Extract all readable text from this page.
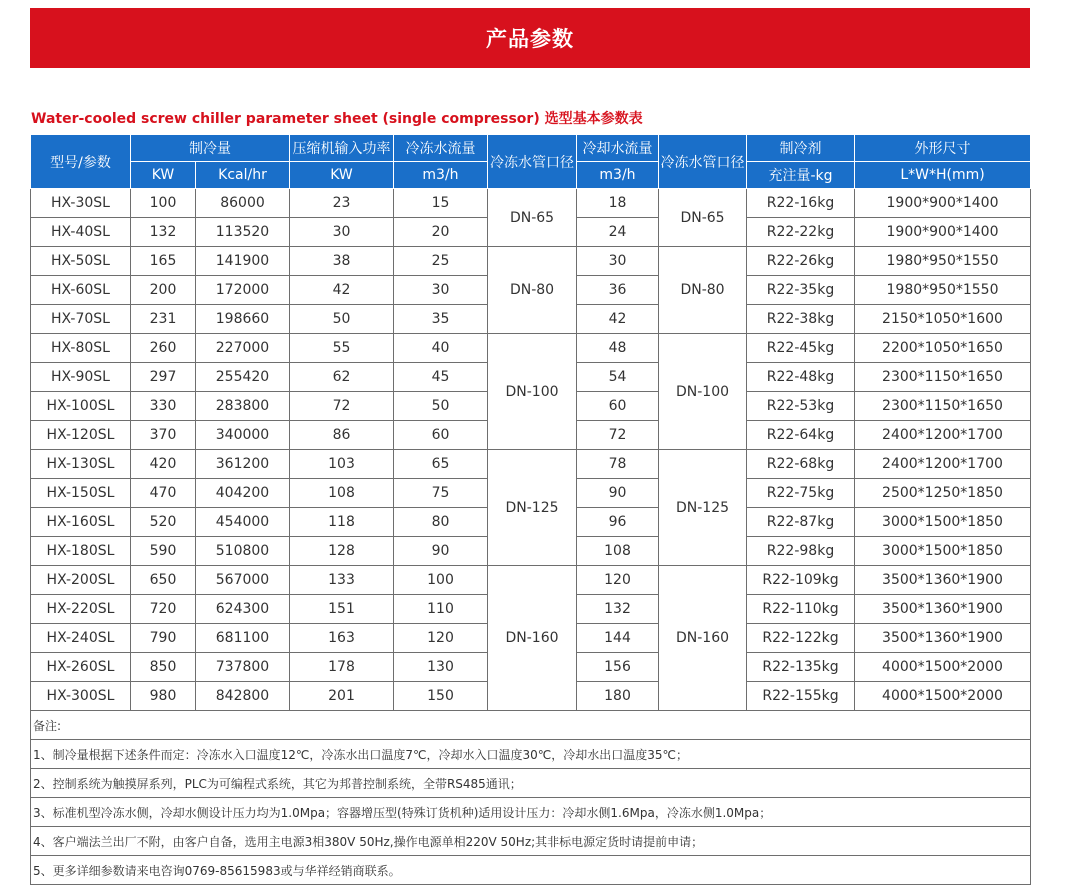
产品参数
Water-cooled screw chiller parameter sheet (single compressor) 选型基本参数表
型号/参数	制冷量		压缩机输入功率	冷冻水流量	冷冻水管口径	冷却水流量	冷冻水管口径	制冷剂	外形尺寸
	KW	Kcal/hr	KW	m3/h		m3/h		充注量-kg	L*W*H(mm)
HX-30SL	100	86000	23	15	DN-65	18	DN-65	R22-16kg	1900*900*1400
HX-40SL	132	113520	30	20		24		R22-22kg	1900*900*1400
HX-50SL	165	141900	38	25	DN-80	30	DN-80	R22-26kg	1980*950*1550
HX-60SL	200	172000	42	30		36		R22-35kg	1980*950*1550
HX-70SL	231	198660	50	35		42		R22-38kg	2150*1050*1600
HX-80SL	260	227000	55	40	DN-100	48	DN-100	R22-45kg	2200*1050*1650
HX-90SL	297	255420	62	45		54		R22-48kg	2300*1150*1650
HX-100SL	330	283800	72	50		60		R22-53kg	2300*1150*1650
HX-120SL	370	340000	86	60		72		R22-64kg	2400*1200*1700
HX-130SL	420	361200	103	65	DN-125	78	DN-125	R22-68kg	2400*1200*1700
HX-150SL	470	404200	108	75		90		R22-75kg	2500*1250*1850
HX-160SL	520	454000	118	80		96		R22-87kg	3000*1500*1850
HX-180SL	590	510800	128	90		108		R22-98kg	3000*1500*1850
HX-200SL	650	567000	133	100	DN-160	120	DN-160	R22-109kg	3500*1360*1900
HX-220SL	720	624300	151	110		132		R22-110kg	3500*1360*1900
HX-240SL	790	681100	163	120		144		R22-122kg	3500*1360*1900
HX-260SL	850	737800	178	130		156		R22-135kg	4000*1500*2000
HX-300SL	980	842800	201	150		180		R22-155kg	4000*1500*2000
备注:									
1、制冷量根据下述条件而定：冷冻水入口温度12℃，冷冻水出口温度7℃，冷却水入口温度30℃，冷却水出口温度35℃；									
2、控制系统为触摸屏系列，PLC为可编程式系统，其它为邦普控制系统，全带RS485通讯；									
3、标准机型冷冻水侧，冷却水侧设计压力均为1.0Mpa；容器增压型(特殊订货机种)适用设计压力：冷却水侧1.6Mpa，冷冻水侧1.0Mpa；									
4、客户端法兰出厂不附，由客户自备，选用主电源3相380V 50Hz,操作电源单相220V 50Hz;其非标电源定货时请提前申请；									
5、更多详细参数请来电咨询0769-85615983或与华祥经销商联系。									
